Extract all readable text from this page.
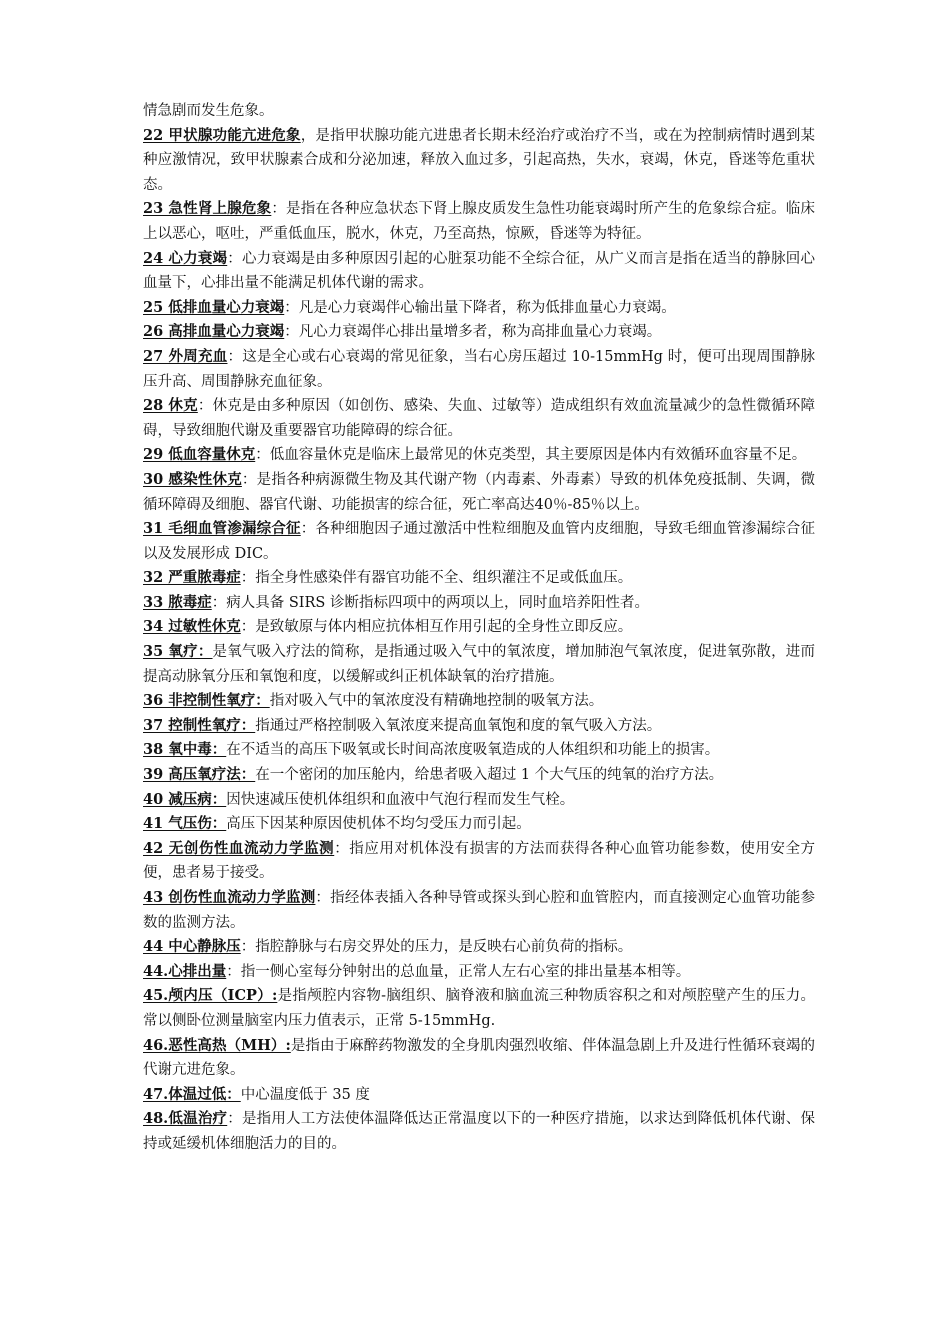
情急剧而发生危象。

22 甲状腺功能亢进危象，是指甲状腺功能亢进患者长期未经治疗或治疗不当，或在为控制病情时遇到某种应激情况，致甲状腺素合成和分泌加速，释放入血过多，引起高热，失水，衰竭，休克，昏迷等危重状态。

23 急性肾上腺危象：是指在各种应急状态下肾上腺皮质发生急性功能衰竭时所产生的危象综合症。临床上以恶心，呕吐，严重低血压，脱水，休克，乃至高热，惊厥，昏迷等为特征。

24 心力衰竭：心力衰竭是由多种原因引起的心脏泵功能不全综合征，从广义而言是指在适当的静脉回心血量下，心排出量不能满足机体代谢的需求。

25 低排血量心力衰竭：凡是心力衰竭伴心输出量下降者，称为低排血量心力衰竭。

26 高排血量心力衰竭：凡心力衰竭伴心排出量增多者，称为高排血量心力衰竭。

27 外周充血：这是全心或右心衰竭的常见征象，当右心房压超过 10-15mmHg 时，便可出现周围静脉压升高、周围静脉充血征象。

28 休克：休克是由多种原因（如创伤、感染、失血、过敏等）造成组织有效血流量减少的急性微循环障碍，导致细胞代谢及重要器官功能障碍的综合征。

29 低血容量休克：低血容量休克是临床上最常见的休克类型，其主要原因是体内有效循环血容量不足。

30 感染性休克：是指各种病源微生物及其代谢产物（内毒素、外毒素）导致的机体免疫抵制、失调，微循环障碍及细胞、器官代谢、功能损害的综合征，死亡率高达40％-85％以上。

31 毛细血管渗漏综合征：各种细胞因子通过激活中性粒细胞及血管内皮细胞，导致毛细血管渗漏综合征以及发展形成 DIC。

32 严重脓毒症：指全身性感染伴有器官功能不全、组织灌注不足或低血压。

33 脓毒症：病人具备 SIRS 诊断指标四项中的两项以上，同时血培养阳性者。

34 过敏性休克：是致敏原与体内相应抗体相互作用引起的全身性立即反应。

35 氧疗：是氧气吸入疗法的简称，是指通过吸入气中的氧浓度，增加肺泡气氧浓度，促进氧弥散，进而提高动脉氧分压和氧饱和度，以缓解或纠正机体缺氧的治疗措施。

36 非控制性氧疗：指对吸入气中的氧浓度没有精确地控制的吸氧方法。

37 控制性氧疗：指通过严格控制吸入氧浓度来提高血氧饱和度的氧气吸入方法。

38 氧中毒：在不适当的高压下吸氧或长时间高浓度吸氧造成的人体组织和功能上的损害。

39 高压氧疗法：在一个密闭的加压舱内，给患者吸入超过 1 个大气压的纯氧的治疗方法。

40 减压病：因快速减压使机体组织和血液中气泡行程而发生气栓。

41 气压伤：高压下因某种原因使机体不均匀受压力而引起。

42 无创伤性血流动力学监测：指应用对机体没有损害的方法而获得各种心血管功能参数，使用安全方便，患者易于接受。

43 创伤性血流动力学监测：指经体表插入各种导管或探头到心腔和血管腔内，而直接测定心血管功能参数的监测方法。

44 中心静脉压：指腔静脉与右房交界处的压力，是反映右心前负荷的指标。

44.心排出量：指一侧心室每分钟射出的总血量，正常人左右心室的排出量基本相等。

45.颅内压（ICP）:是指颅腔内容物-脑组织、脑脊液和脑血流三种物质容积之和对颅腔壁产生的压力。常以侧卧位测量脑室内压力值表示，正常 5-15mmHg.

46.恶性高热（MH）:是指由于麻醉药物激发的全身肌肉强烈收缩、伴体温急剧上升及进行性循环衰竭的代谢亢进危象。

47.体温过低：中心温度低于 35 度

48.低温治疗：是指用人工方法使体温降低达正常温度以下的一种医疗措施，以求达到降低机体代谢、保持或延缓机体细胞活力的目的。
